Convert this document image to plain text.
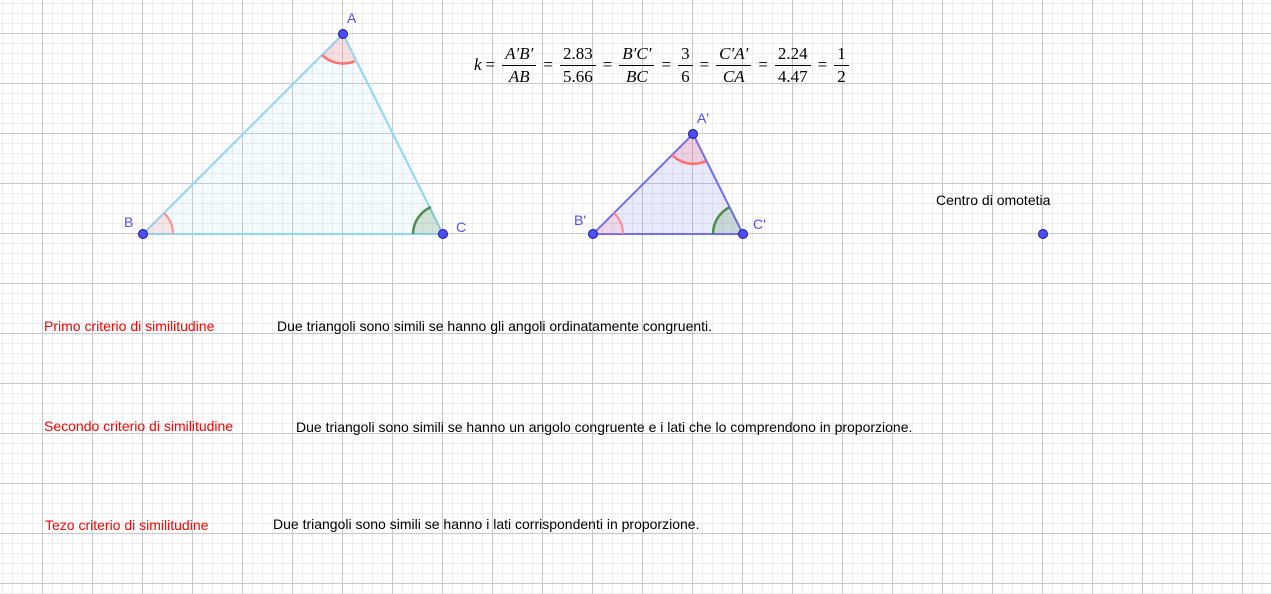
A
B	C
A'
B'	C'
Centro di omotetia
$k = \frac{A'B'}{AB} = \frac{2.83}{5.66} = \frac{B'C'}{BC} = \frac{3}{6} = \frac{C'A'}{CA} = \frac{2.24}{4.47} = \frac{1}{2}$
Primo criterio di similitudine	Due triangoli sono simili se hanno gli angoli ordinatamente congruenti.
Secondo criterio di similitudine	Due triangoli sono simili se hanno un angolo congruente e i lati che lo comprendono in proporzione.
Tezo criterio di similitudine	Due triangoli sono simili se hanno i lati corrispondenti in proporzione.
